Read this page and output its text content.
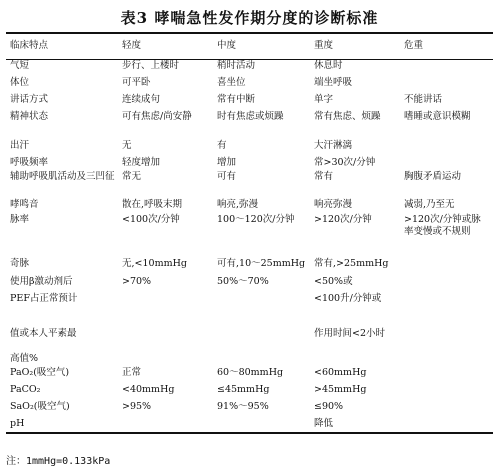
表3 哮喘急性发作期分度的诊断标准
临床特点	轻度	中度	重度	危重
气短	步行、上楼时	稍时活动	休息时	
体位	可平卧	喜坐位	端坐呼吸	
讲话方式	连续成句	常有中断	单字	不能讲话
精神状态	可有焦虑/尚安静	时有焦虑或烦躁	常有焦虑、烦躁	嗜睡或意识模糊
出汗	无	有	大汗淋漓	
呼吸频率	轻度增加	增加	常>30次/分钟	
辅助呼吸肌活动及三凹征	常无	可有	常有	胸腹矛盾运动
哮鸣音	散在,呼吸末期	响亮,弥漫	响亮弥漫	减弱,乃至无
脉率	<100次/分钟	100～120次/分钟	>120次/分钟	>120次/分钟或脉率变慢或不规则
奇脉	无,<10mmHg	可有,10～25mmHg	常有,>25mmHg	
使用β激动剂后	>70%	50%～70%	<50%或	
PEF占正常预计			<100升/分钟或	
值或本人平素最			作用时间<2小时	
高值%				
PaO₂(吸空气)	正常	60～80mmHg	<60mmHg	
PaCO₂	<40mmHg	≤45mmHg	>45mmHg	
SaO₂(吸空气)	>95%	91%～95%	≤90%	
pH			降低	
注：1mmHg=0.133kPa
